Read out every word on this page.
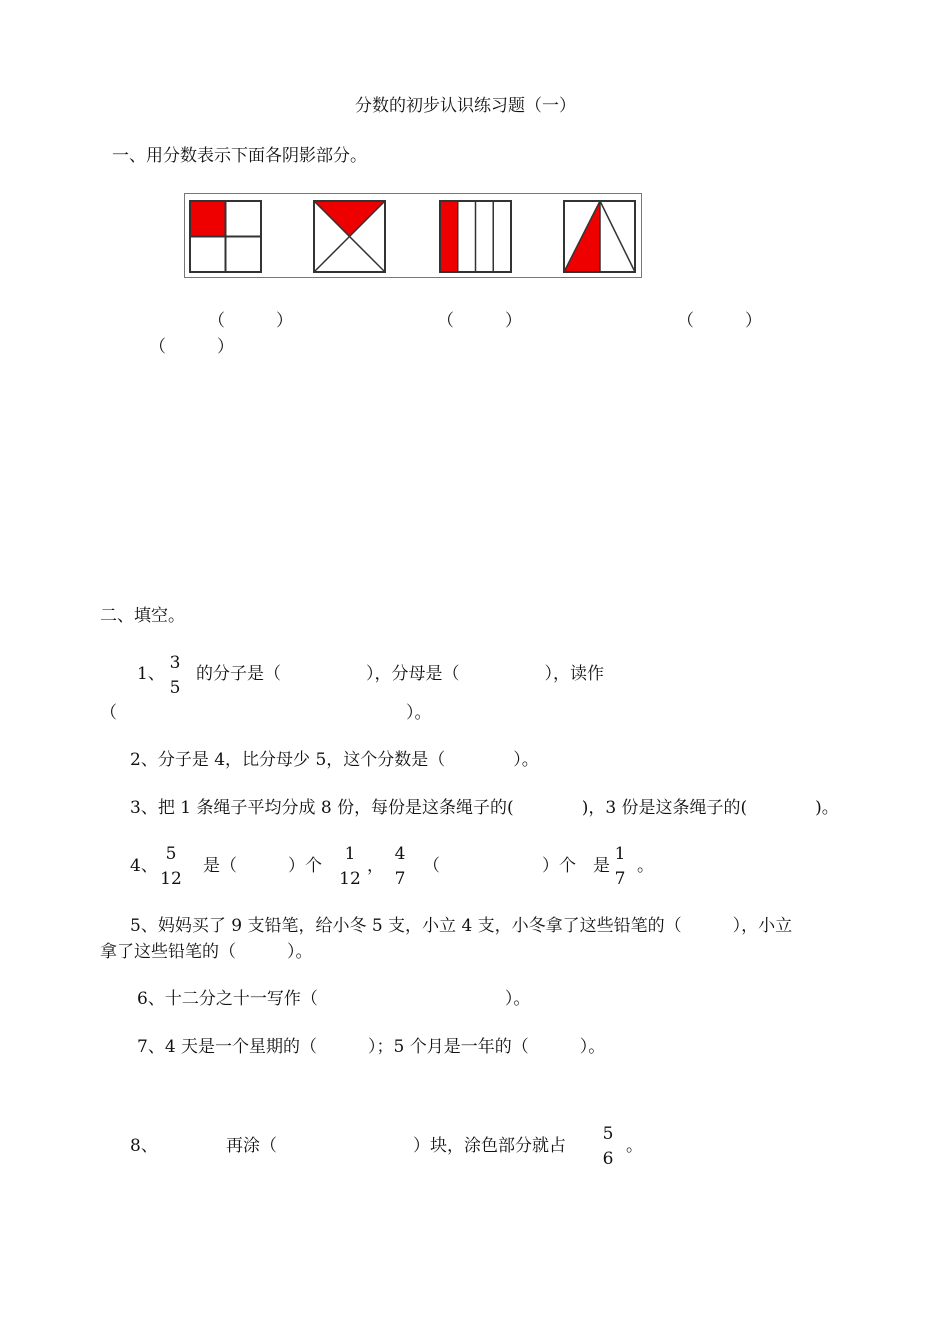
分数的初步认识练习题（一）
一、用分数表示下面各阴影部分。
（　　　）	（　　　）	（　　　）
（　　　）
二、填空。
1、
3
5
的分子是（　　　　　），分母是（　　　　　），读作
（　　　　　　　　　　　　　　　　　）。
2、分子是 4，比分母少 5，这个分数是（　　　　）。
3、把 1 条绳子平均分成 8 份，每份是这条绳子的(　　　　)，3 份是这条绳子的(　　　　)。
4、
5
12
是（　　　）个
1
12
，
4
7
（　　　　　　）个　是
1
7
。
5、妈妈买了 9 支铅笔，给小冬 5 支，小立 4 支，小冬拿了这些铅笔的（　　　），小立
拿了这些铅笔的（　　　）。
6、十二分之十一写作（　　　　　　　　　　　）。
7、4 天是一个星期的（　　　）；5 个月是一年的（　　　）。
8、	再涂（　　　　　　　　）块，涂色部分就占
5
6
。
